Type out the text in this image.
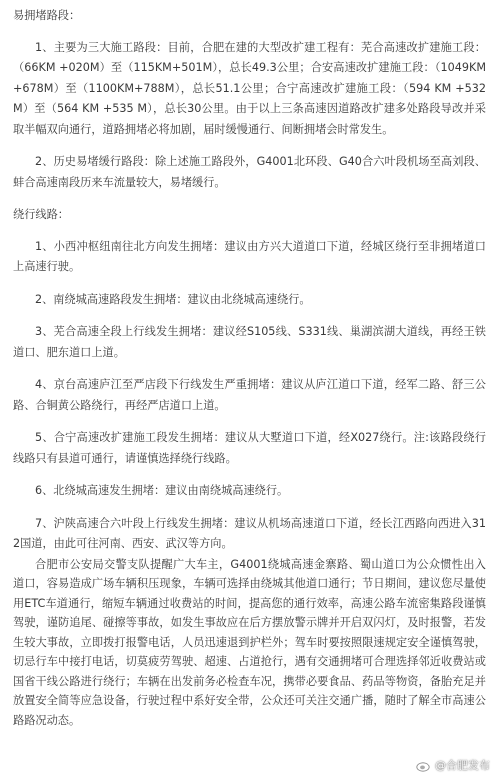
易拥堵路段：

1、主要为三大施工路段：目前，合肥在建的大型改扩建工程有：芜合高速改扩建施工段：（66KM +020M）至（115KM+501M），总长49.3公里；合安高速改扩建施工段：（1049KM+678M）至（1100KM+788M），总长51.1公里；合宁高速改扩建施工段：（594 KM +532M）至（564 KM +535 M），总长30公里。由于以上三条高速因道路改扩建多处路段导改并采取半幅双向通行，道路拥堵必将加剧，届时缓慢通行、间断拥堵会时常发生。

2、历史易堵缓行路段：除上述施工路段外，G4001北环段、G40合六叶段机场至高刘段、蚌合高速南段历来车流量较大，易堵缓行。

绕行线路：

1、小西冲枢纽南往北方向发生拥堵：建议由方兴大道道口下道，经城区绕行至非拥堵道口上高速行驶。

2、南绕城高速路段发生拥堵：建议由北绕城高速绕行。

3、芜合高速全段上行线发生拥堵：建议经S105线、S331线、巢湖滨湖大道线，再经王铁道口、肥东道口上道。

4、京台高速庐江至严店段下行线发生严重拥堵：建议从庐江道口下道，经军二路、舒三公路、合铜黄公路绕行，再经严店道口上道。

5、合宁高速改扩建施工段发生拥堵：建议从大墅道口下道，经X027绕行。注:该路段绕行线路只有县道可通行，请谨慎选择绕行线路。

6、北绕城高速发生拥堵：建议由南绕城高速绕行。

7、沪陕高速合六叶段上行线发生拥堵：建议从机场高速道口下道，经长江西路向西进入312国道，由此可往河南、西安、武汉等方向。

合肥市公安局交警支队提醒广大车主，G4001绕城高速金寨路、蜀山道口为公众惯性出入道口，容易造成广场车辆积压现象，车辆可选择由绕城其他道口通行；节日期间，建议您尽量使用ETC车道通行，缩短车辆通过收费站的时间，提高您的通行效率，高速公路车流密集路段谨慎驾驶，谨防追尾、碰擦等事故，如发生事故应在后方摆放警示牌并开启双闪灯，及时报警，若发生较大事故，立即拨打报警电话，人员迅速退到护栏外；驾车时要按照限速规定安全谨慎驾驶，切忌行车中接打电话，切莫疲劳驾驶、超速、占道抢行，遇有交通拥堵可合理选择邻近收费站或国省干线公路进行绕行；车辆在出发前务必检查车况，携带必要食品、药品等物资，备胎充足并放置安全简等应急设备，行驶过程中系好安全带，公众还可关注交通广播，随时了解全市高速公路路况动态。

@合肥发布
